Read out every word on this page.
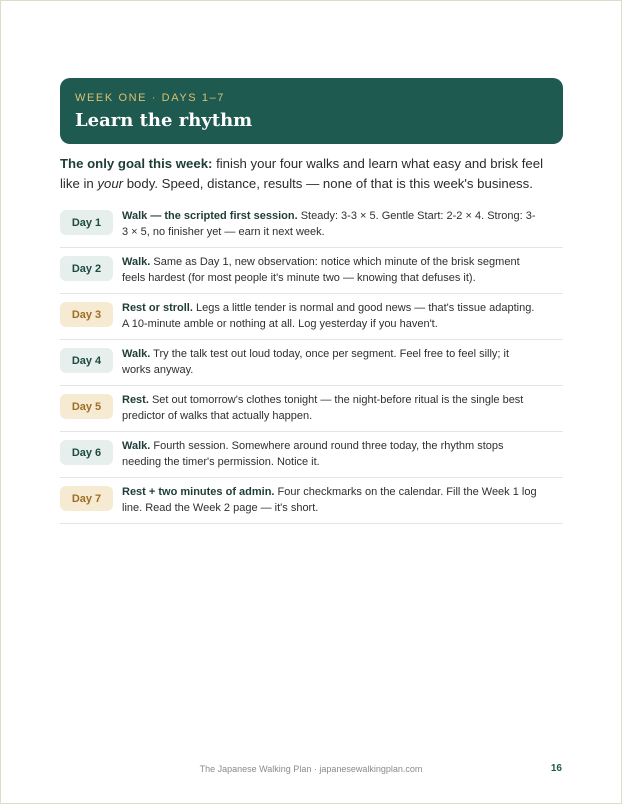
WEEK ONE · DAYS 1–7
Learn the rhythm

The only goal this week: finish your four walks and learn what easy and brisk feel like in your body. Speed, distance, results — none of that is this week's business.

Day 1
Walk — the scripted first session. Steady: 3-3 × 5. Gentle Start: 2-2 × 4. Strong: 3-3 × 5, no finisher yet — earn it next week.
Day 2
Walk. Same as Day 1, new observation: notice which minute of the brisk segment feels hardest (for most people it's minute two — knowing that defuses it).
Day 3
Rest or stroll. Legs a little tender is normal and good news — that's tissue adapting. A 10-minute amble or nothing at all. Log yesterday if you haven't.
Day 4
Walk. Try the talk test out loud today, once per segment. Feel free to feel silly; it works anyway.
Day 5
Rest. Set out tomorrow's clothes tonight — the night-before ritual is the single best predictor of walks that actually happen.
Day 6
Walk. Fourth session. Somewhere around round three today, the rhythm stops needing the timer's permission. Notice it.
Day 7
Rest + two minutes of admin. Four checkmarks on the calendar. Fill the Week 1 log line. Read the Week 2 page — it's short.
The Japanese Walking Plan · japanesewalkingplan.com	16
